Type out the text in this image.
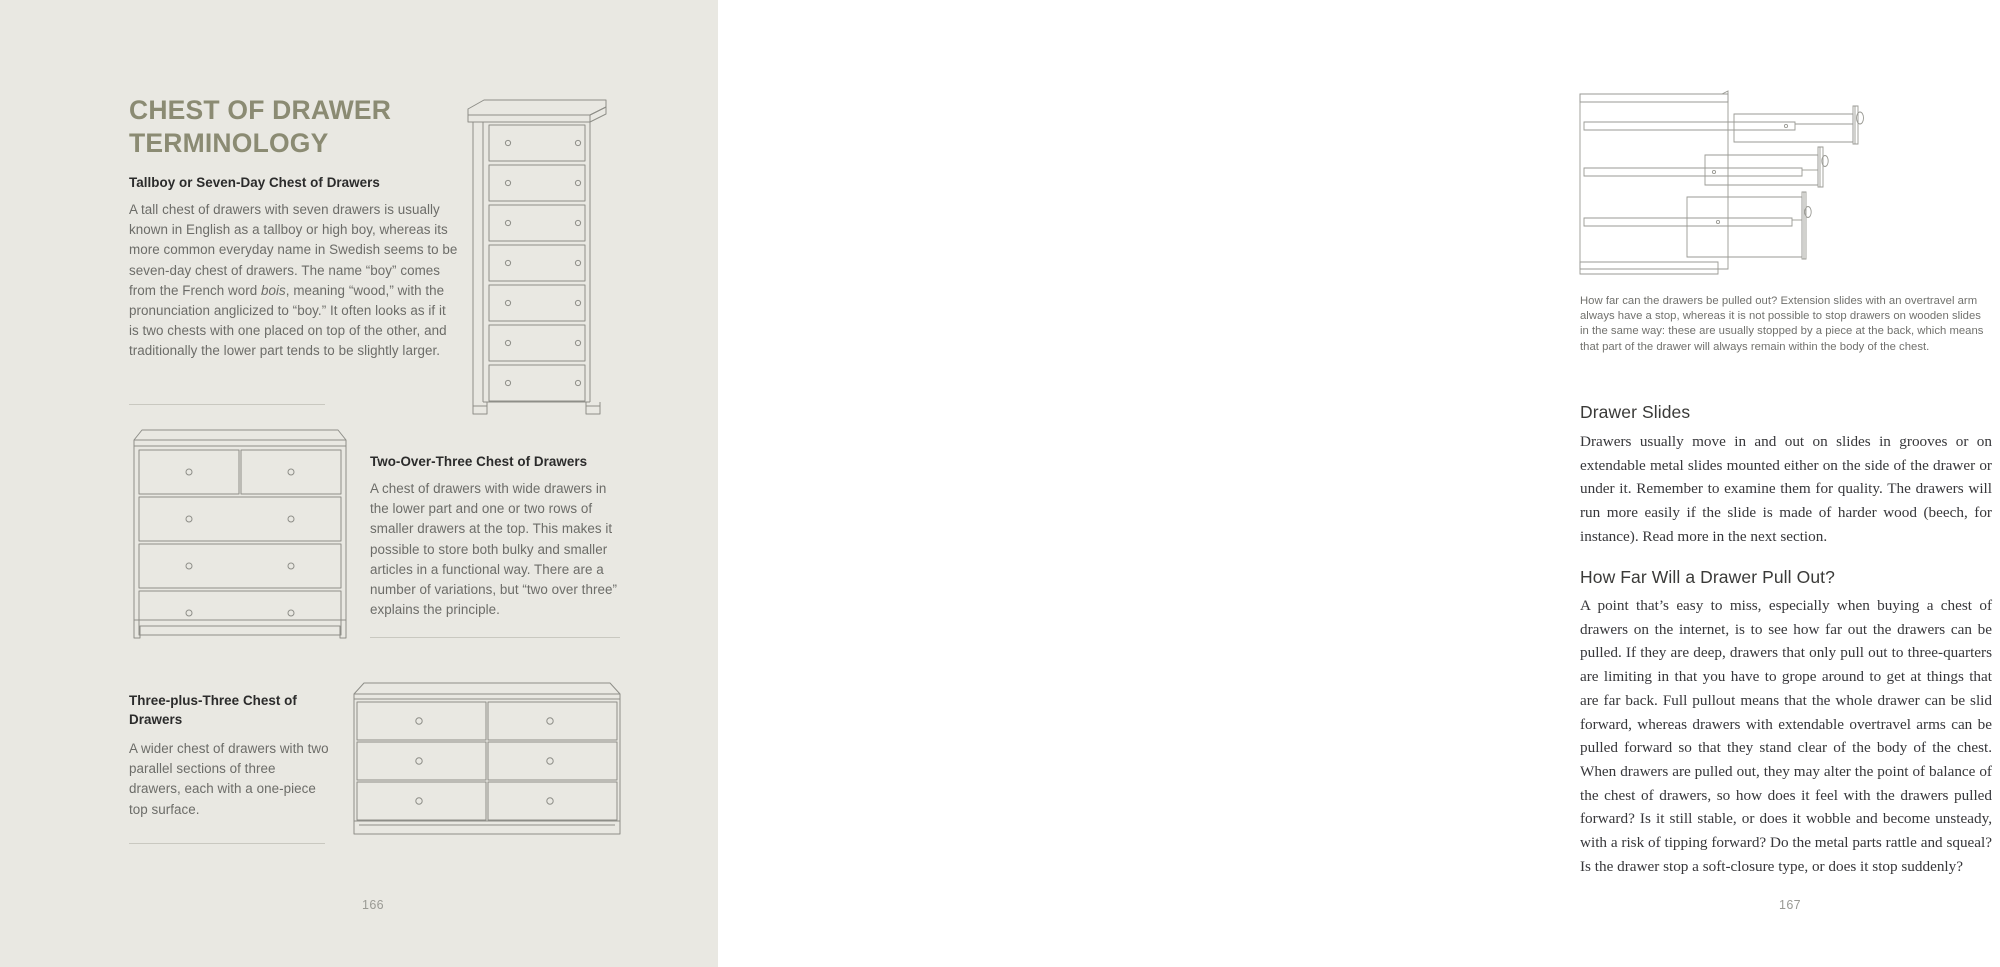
CHEST OF DRAWER TERMINOLOGY
Tallboy or Seven-Day Chest of Drawers
A tall chest of drawers with seven drawers is usually known in English as a tallboy or high boy, whereas its more common everyday name in Swedish seems to be seven-day chest of drawers. The name “boy” comes from the French word bois, meaning “wood,” with the pronunciation anglicized to “boy.” It often looks as if it is two chests with one placed on top of the other, and traditionally the lower part tends to be slightly larger.
Two-Over-Three Chest of Drawers
A chest of drawers with wide drawers in the lower part and one or two rows of smaller drawers at the top. This makes it possible to store both bulky and smaller articles in a functional way. There are a number of variations, but “two over three” explains the principle.
Three-plus-Three Chest of Drawers
A wider chest of drawers with two parallel sections of three drawers, each with a one-piece top surface.
166
How far can the drawers be pulled out? Extension slides with an overtravel arm always have a stop, whereas it is not possible to stop drawers on wooden slides in the same way: these are usually stopped by a piece at the back, which means that part of the drawer will always remain within the body of the chest.
Drawer Slides
Drawers usually move in and out on slides in grooves or on extendable metal slides mounted either on the side of the drawer or under it. Remember to examine them for quality. The drawers will run more easily if the slide is made of harder wood (beech, for instance). Read more in the next section.
How Far Will a Drawer Pull Out?
A point that’s easy to miss, especially when buying a chest of drawers on the internet, is to see how far out the drawers can be pulled. If they are deep, drawers that only pull out to three-quarters are limiting in that you have to grope around to get at things that are far back. Full pullout means that the whole drawer can be slid forward, whereas drawers with extendable overtravel arms can be pulled forward so that they stand clear of the body of the chest. When drawers are pulled out, they may alter the point of balance of the chest of drawers, so how does it feel with the drawers pulled forward? Is it still stable, or does it wobble and become unsteady, with a risk of tipping forward? Do the metal parts rattle and squeal? Is the drawer stop a soft-closure type, or does it stop suddenly?
167
